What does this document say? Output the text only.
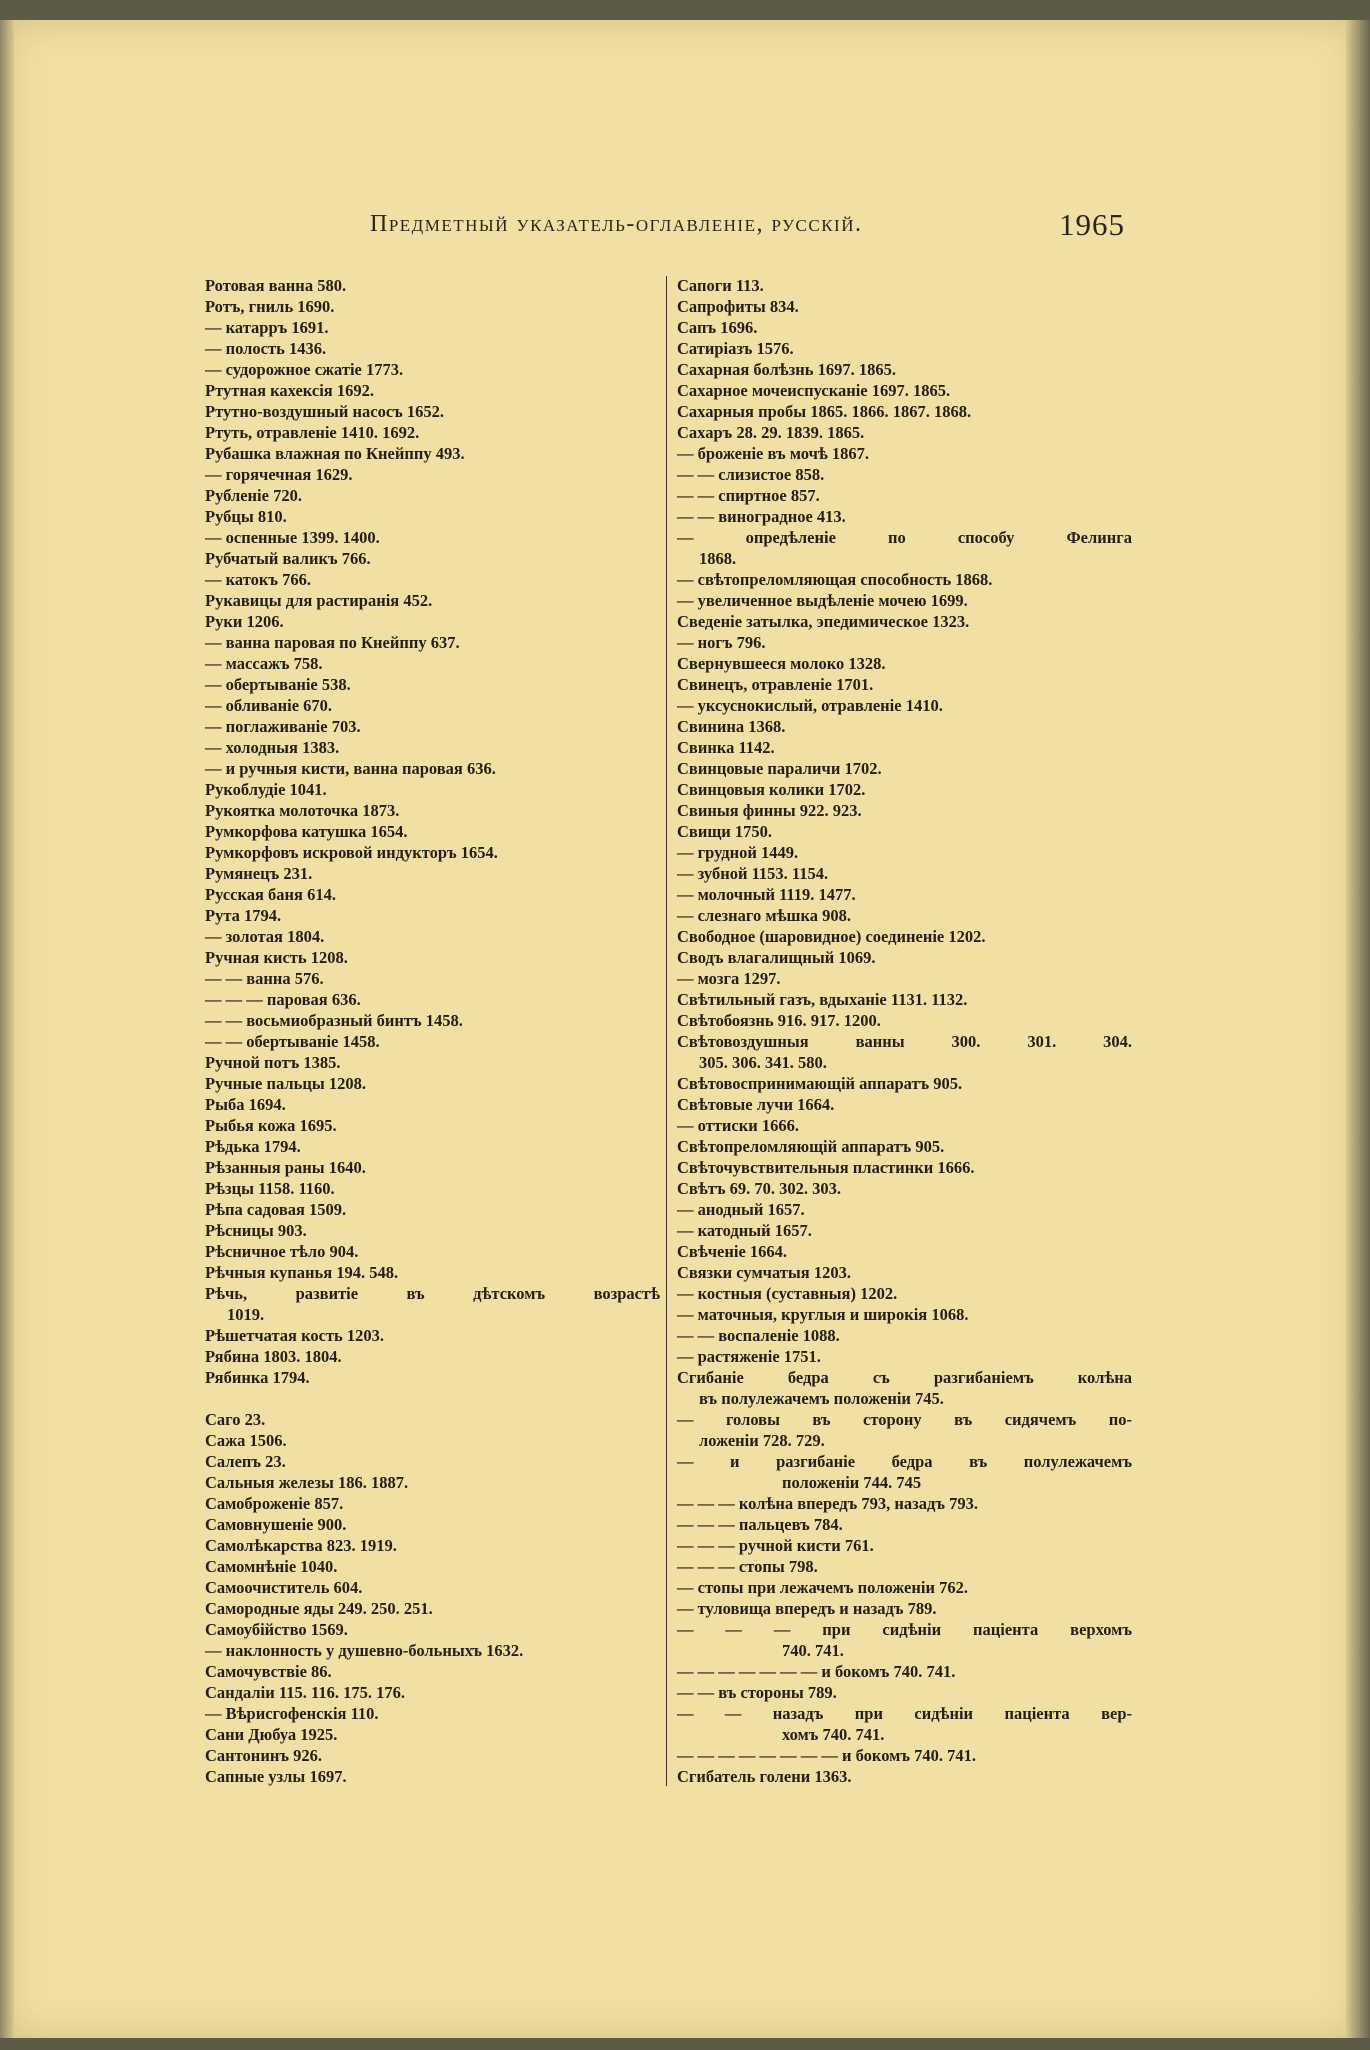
Предметный указатель-оглавленіе, русскій.	1965
Ротовая ванна 580.
Ротъ, гниль 1690.
— катарръ 1691.
— полость 1436.
— судорожное сжатіе 1773.
Ртутная кахексія 1692.
Ртутно-воздушный насосъ 1652.
Ртуть, отравленіе 1410. 1692.
Рубашка влажная по Кнейппу 493.
— горячечная 1629.
Рубленіе 720.
Рубцы 810.
— оспенные 1399. 1400.
Рубчатый валикъ 766.
— катокъ 766.
Рукавицы для растиранія 452.
Руки 1206.
— ванна паровая по Кнейппу 637.
— массажъ 758.
— обертываніе 538.
— обливаніе 670.
— поглаживаніе 703.
— холодныя 1383.
— и ручныя кисти, ванна паровая 636.
Рукоблудіе 1041.
Рукоятка молоточка 1873.
Румкорфова катушка 1654.
Румкорфовъ искровой индукторъ 1654.
Румянецъ 231.
Русская баня 614.
Рута 1794.
— золотая 1804.
Ручная кисть 1208.
— — ванна 576.
— — — паровая 636.
— — восьмиобразный бинтъ 1458.
— — обертываніе 1458.
Ручной потъ 1385.
Ручные пальцы 1208.
Рыба 1694.
Рыбья кожа 1695.
Рѣдька 1794.
Рѣзанныя раны 1640.
Рѣзцы 1158. 1160.
Рѣпа садовая 1509.
Рѣсницы 903.
Рѣсничное тѣло 904.
Рѣчныя купанья 194. 548.
Рѣчь, развитіе въ дѣтскомъ возрастѣ
1019.
Рѣшетчатая кость 1203.
Рябина 1803. 1804.
Рябинка 1794.
Саго 23.
Сажа 1506.
Салепъ 23.
Сальныя железы 186. 1887.
Самоброженіе 857.
Самовнушеніе 900.
Самолѣкарства 823. 1919.
Самомнѣніе 1040.
Самоочиститель 604.
Самородные яды 249. 250. 251.
Самоубійство 1569.
— наклонность у душевно-больныхъ 1632.
Самочувствіе 86.
Сандаліи 115. 116. 175. 176.
— Вѣрисгофенскія 110.
Сани Дюбуа 1925.
Сантонинъ 926.
Сапные узлы 1697.
Сапоги 113.
Сапрофиты 834.
Сапъ 1696.
Сатиріазъ 1576.
Сахарная болѣзнь 1697. 1865.
Сахарное мочеиспусканіе 1697. 1865.
Сахарныя пробы 1865. 1866. 1867. 1868.
Сахаръ 28. 29. 1839. 1865.
— броженіе въ мочѣ 1867.
— — слизистое 858.
— — спиртное 857.
— — виноградное 413.
— опредѣленіе по способу Фелинга
1868.
— свѣтопреломляющая способность 1868.
— увеличенное выдѣленіе мочею 1699.
Сведеніе затылка, эпедимическое 1323.
— ногъ 796.
Свернувшееся молоко 1328.
Свинецъ, отравленіе 1701.
— уксуснокислый, отравленіе 1410.
Свинина 1368.
Свинка 1142.
Свинцовые параличи 1702.
Свинцовыя колики 1702.
Свиныя финны 922. 923.
Свищи 1750.
— грудной 1449.
— зубной 1153. 1154.
— молочный 1119. 1477.
— слезнаго мѣшка 908.
Свободное (шаровидное) соединеніе 1202.
Сводъ влагалищный 1069.
— мозга 1297.
Свѣтильный газъ, вдыханіе 1131. 1132.
Свѣтобоязнь 916. 917. 1200.
Свѣтовоздушныя ванны 300. 301. 304.
305. 306. 341. 580.
Свѣтовоспринимающій аппаратъ 905.
Свѣтовые лучи 1664.
— оттиски 1666.
Свѣтопреломляющій аппаратъ 905.
Свѣточувствительныя пластинки 1666.
Свѣтъ 69. 70. 302. 303.
— анодный 1657.
— катодный 1657.
Свѣченіе 1664.
Связки сумчатыя 1203.
— костныя (суставныя) 1202.
— маточныя, круглыя и широкія 1068.
— — воспаленіе 1088.
— растяженіе 1751.
Сгибаніе бедра съ разгибаніемъ колѣна
въ полулежачемъ положеніи 745.
— головы въ сторону въ сидячемъ по-
ложеніи 728. 729.
— и разгибаніе бедра въ полулежачемъ
положеніи 744. 745
— — — колѣна впередъ 793, назадъ 793.
— — — пальцевъ 784.
— — — ручной кисти 761.
— — — стопы 798.
— стопы при лежачемъ положеніи 762.
— туловища впередъ и назадъ 789.
— — — при сидѣніи паціента верхомъ
740. 741.
— — — — — — — и бокомъ 740. 741.
— — въ стороны 789.
— — назадъ при сидѣніи паціента вер-
хомъ 740. 741.
— — — — — — — — и бокомъ 740. 741.
Сгибатель голени 1363.
